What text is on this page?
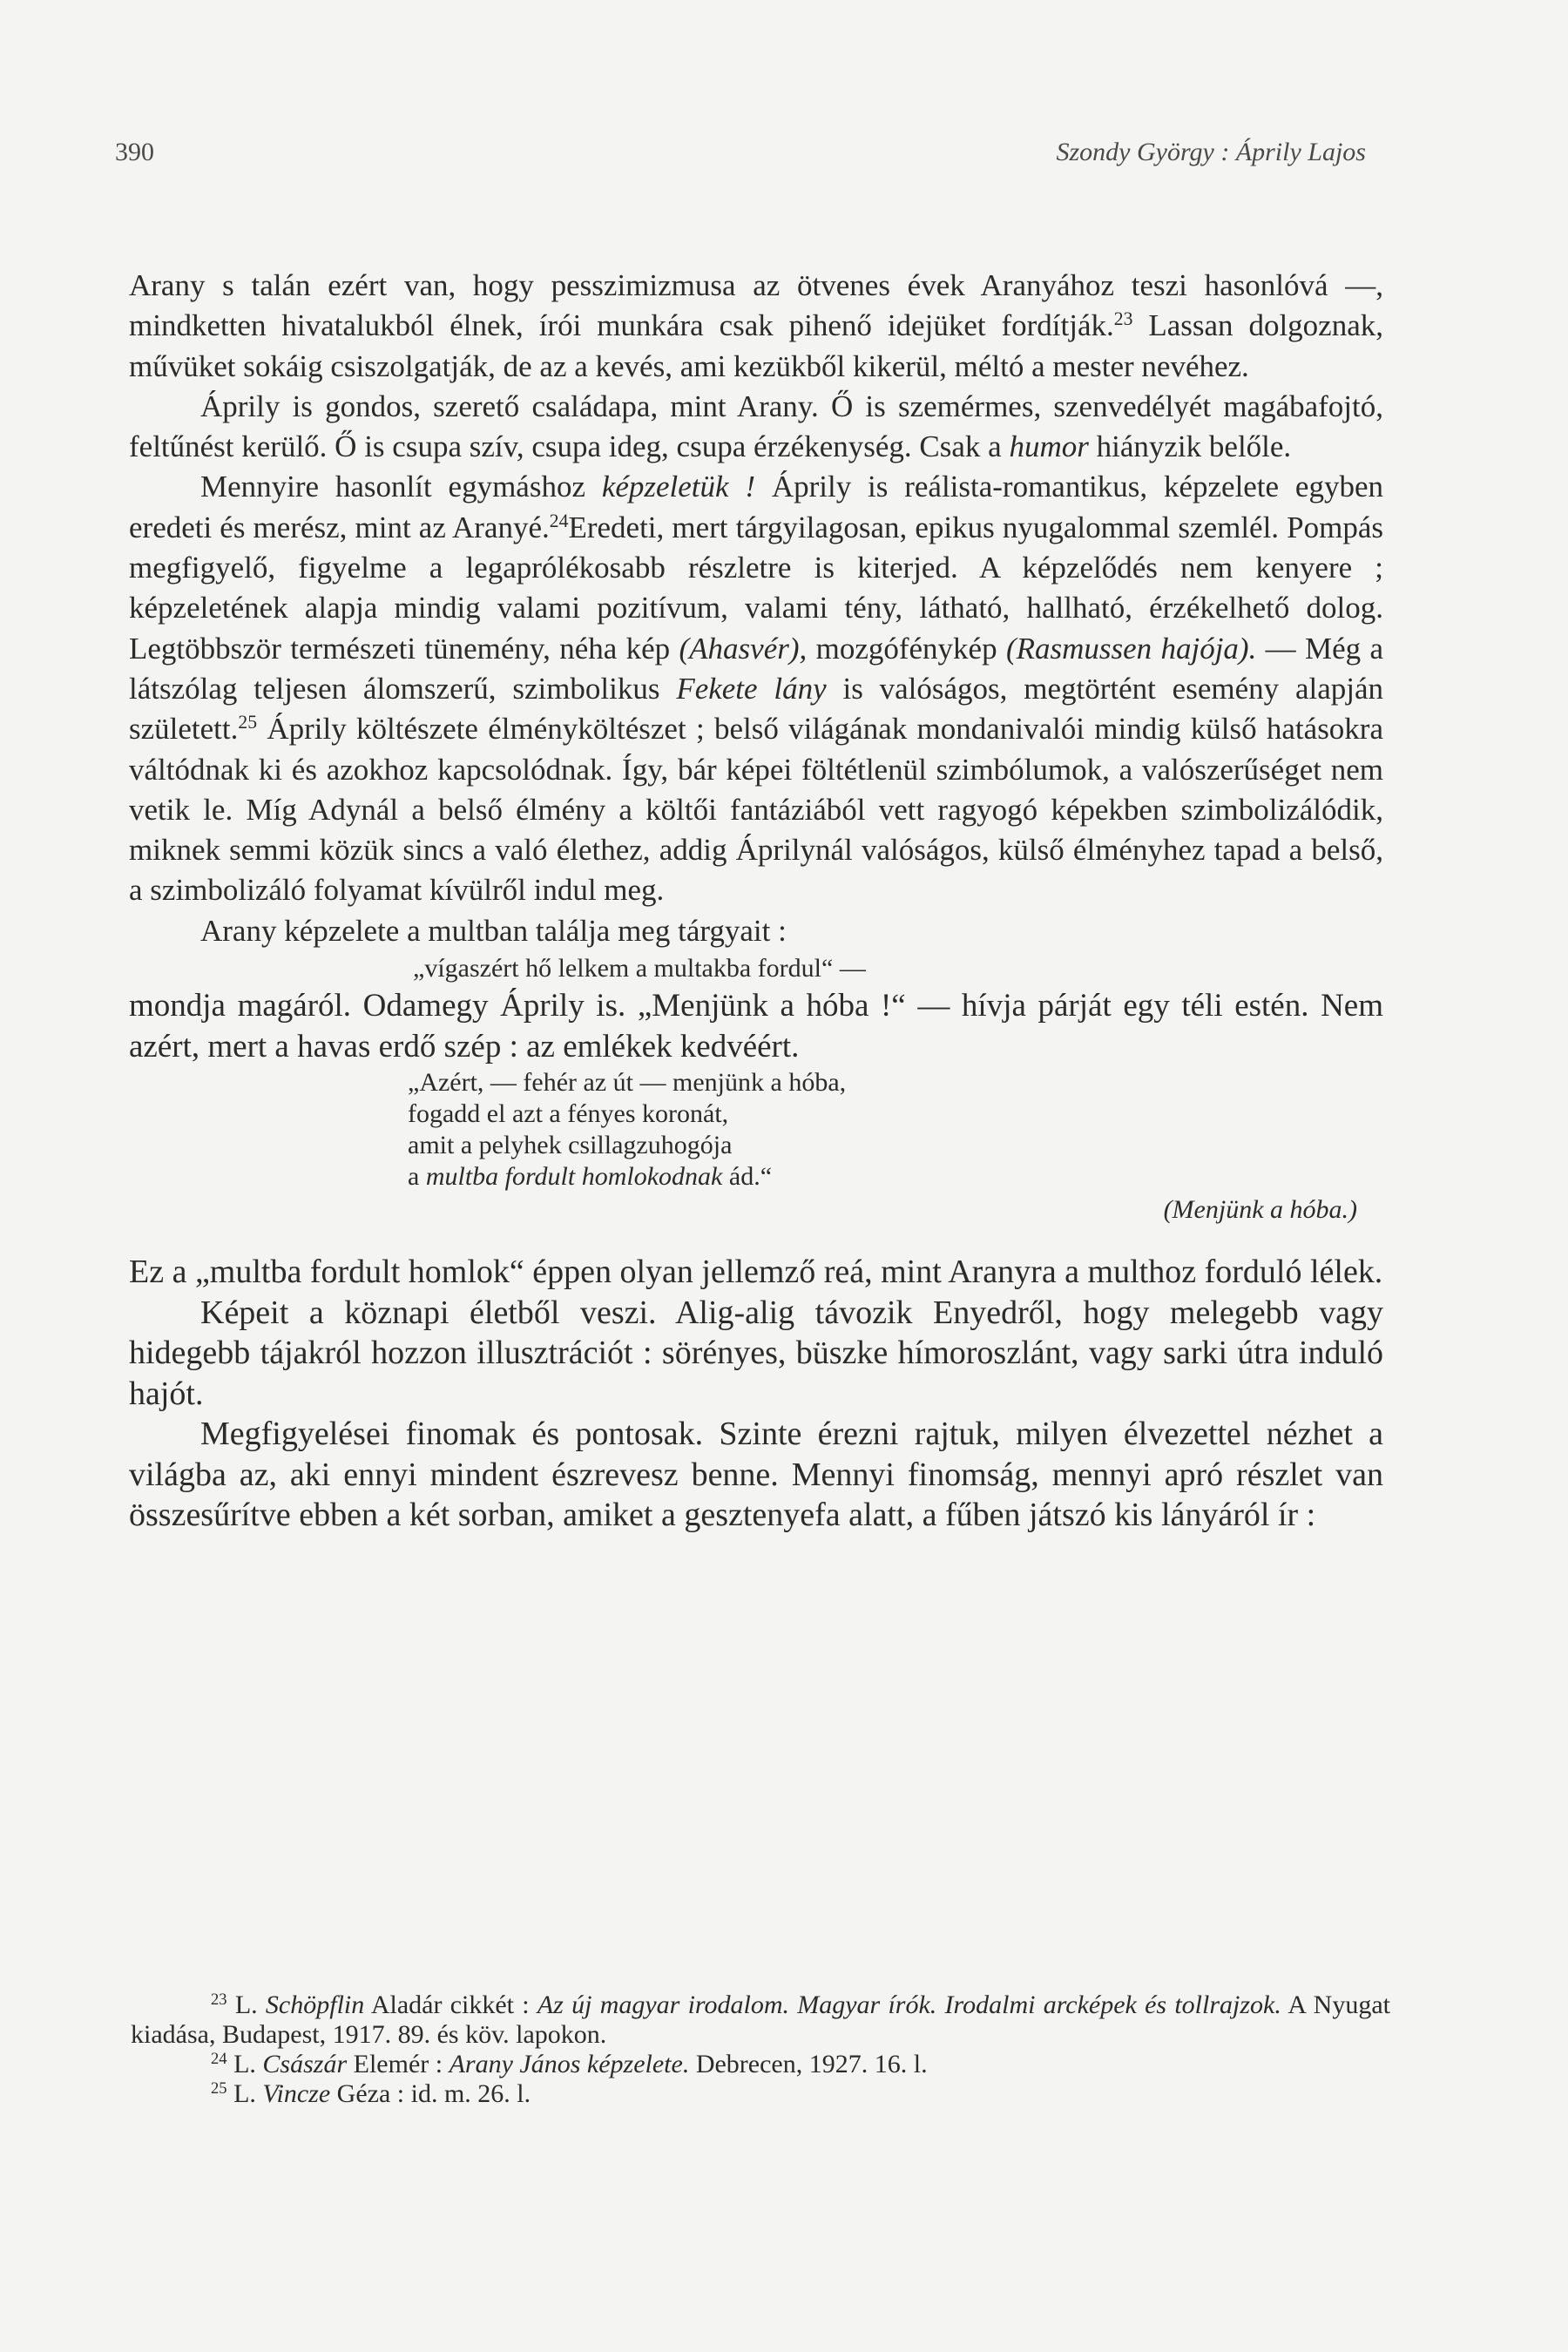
390	Szondy György : Áprily Lajos

Arany s talán ezért van, hogy pesszimizmusa az ötvenes évek Aranyához teszi hasonlóvá —, mindketten hivatalukból élnek, írói munkára csak pihenő idejüket fordítják.$^{23}$ Lassan dolgoznak, művüket sokáig csiszolgatják, de az a kevés, ami kezükből kikerül, méltó a mester nevéhez.

Áprily is gondos, szerető családapa, mint Arany. Ő is szemérmes, szenvedélyét magábafojtó, feltűnést kerülő. Ő is csupa szív, csupa ideg, csupa érzékenység. Csak a humor hiányzik belőle.

Mennyire hasonlít egymáshoz képzeletük ! Áprily is reálista-romantikus, képzelete egyben eredeti és merész, mint az Aranyé.$^{24}$Eredeti, mert tárgyilagosan, epikus nyugalommal szemlél. Pompás megfigyelő, figyelme a legaprólékosabb részletre is kiterjed. A képzelődés nem kenyere ; képzeletének alapja mindig valami pozitívum, valami tény, látható, hallható, érzékelhető dolog. Legtöbbször természeti tünemény, néha kép (Ahasvér), mozgófénykép (Rasmussen hajója). — Még a látszólag teljesen álomszerű, szimbolikus Fekete lány is valóságos, megtörtént esemény alapján született.$^{25}$ Áprily költészete élményköltészet ; belső világának mondanivalói mindig külső hatásokra váltódnak ki és azokhoz kapcsolódnak. Így, bár képei föltétlenül szimbólumok, a valószerűséget nem vetik le. Míg Adynál a belső élmény a költői fantáziából vett ragyogó képekben szimbolizálódik, miknek semmi közük sincs a való élethez, addig Áprilynál valóságos, külső élményhez tapad a belső, a szimbolizáló folyamat kívülről indul meg.

Arany képzelete a multban találja meg tárgyait :

„vígaszért hő lelkem a multakba fordul“ —

mondja magáról. Odamegy Áprily is. „Menjünk a hóba !“ — hívja párját egy téli estén. Nem azért, mert a havas erdő szép : az emlékek kedvéért.

„Azért, — fehér az út — menjünk a hóba,
fogadd el azt a fényes koronát,
amit a pelyhek csillagzuhogója
a multba fordult homlokodnak ád.“
(Menjünk a hóba.)

Ez a „multba fordult homlok“ éppen olyan jellemző reá, mint Aranyra a multhoz forduló lélek.

Képeit a köznapi életből veszi. Alig-alig távozik Enyedről, hogy melegebb vagy hidegebb tájakról hozzon illusztrációt : sörényes, büszke hímoroszlánt, vagy sarki útra induló hajót.

Megfigyelései finomak és pontosak. Szinte érezni rajtuk, milyen élvezettel nézhet a világba az, aki ennyi mindent észrevesz benne. Mennyi finomság, mennyi apró részlet van összesűrítve ebben a két sorban, amiket a gesztenyefa alatt, a fűben játszó kis lányáról ír :

$^{23}$ L. Schöpflin Aladár cikkét : Az új magyar irodalom. Magyar írók. Irodalmi arcképek és tollrajzok. A Nyugat kiadása, Budapest, 1917. 89. és köv. lapokon.

$^{24}$ L. Császár Elemér : Arany János képzelete. Debrecen, 1927. 16. l.

$^{25}$ L. Vincze Géza : id. m. 26. l.
